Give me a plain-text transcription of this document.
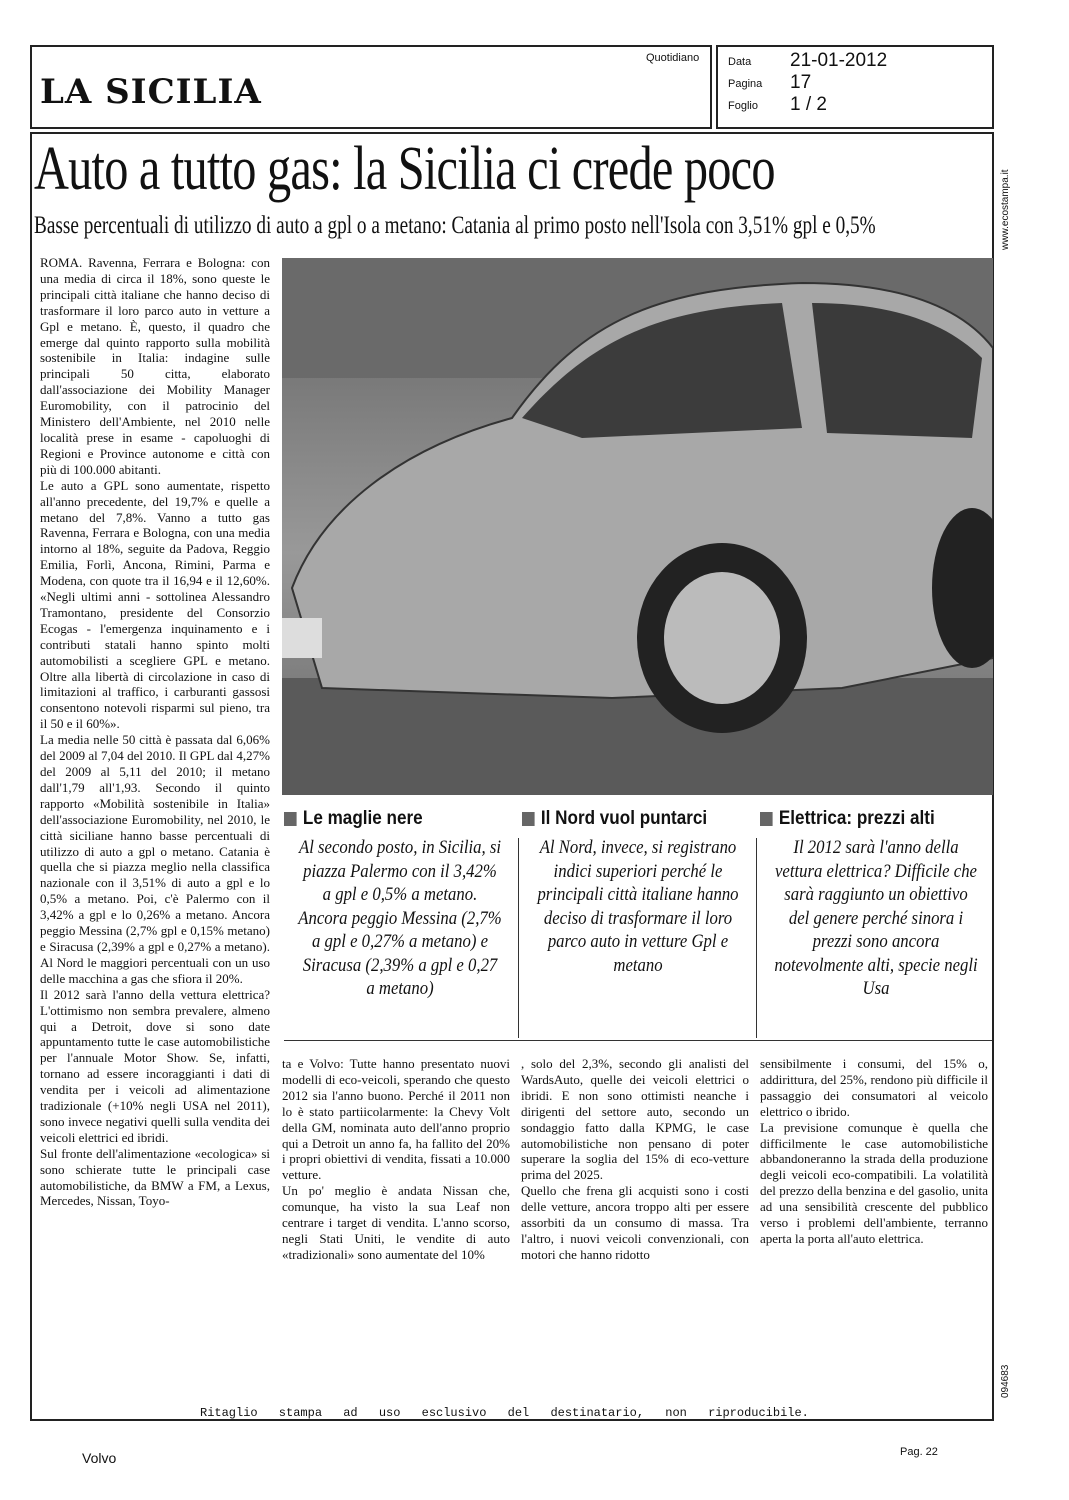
LA SICILIA
Quotidiano	Data 21-01-2012
Pagina 17
Foglio 1 / 2
www.ecostampa.it
094683
Auto a tutto gas: la Sicilia ci crede poco
Basse percentuali di utilizzo di auto a gpl o a metano: Catania al primo posto nell'Isola con 3,51% gpl e 0,5%

ROMA. Ravenna, Ferrara e Bologna: con una media di circa il 18%, sono queste le principali città italiane che hanno deciso di trasformare il loro parco auto in vetture a Gpl e metano. È, questo, il quadro che emerge dal quinto rapporto sulla mobilità sostenibile in Italia: indagine sulle principali 50 citta, elaborato dall'associazione dei Mobility Manager Euromobility, con il patrocinio del Ministero dell'Ambiente, nel 2010 nelle località prese in esame - capoluoghi di Regioni e Province autonome e città con più di 100.000 abitanti.

Le auto a GPL sono aumentate, rispetto all'anno precedente, del 19,7% e quelle a metano del 7,8%. Vanno a tutto gas Ravenna, Ferrara e Bologna, con una media intorno al 18%, seguite da Padova, Reggio Emilia, Forlì, Ancona, Rimini, Parma e Modena, con quote tra il 16,94 e il 12,60%. «Negli ultimi anni - sottolinea Alessandro Tramontano, presidente del Consorzio Ecogas - l'emergenza inquinamento e i contributi statali hanno spinto molti automobilisti a scegliere GPL e metano. Oltre alla libertà di circolazione in caso di limitazioni al traffico, i carburanti gassosi consentono notevoli risparmi sul pieno, tra il 50 e il 60%».

La media nelle 50 città è passata dal 6,06% del 2009 al 7,04 del 2010. Il GPL dal 4,27% del 2009 al 5,11 del 2010; il metano dall'1,79 all'1,93. Secondo il quinto rapporto «Mobilità sostenibile in Italia» dell'associazione Euromobility, nel 2010, le città siciliane hanno basse percentuali di utilizzo di auto a gpl o metano. Catania è quella che si piazza meglio nella classifica nazionale con il 3,51% di auto a gpl e lo 0,5% a metano. Poi, c'è Palermo con il 3,42% a gpl e lo 0,26% a metano. Ancora peggio Messina (2,7% gpl e 0,15% metano) e Siracusa (2,39% a gpl e 0,27% a metano). Al Nord le maggiori percentuali con un uso delle macchina a gas che sfiora il 20%.

Il 2012 sarà l'anno della vettura elettrica? L'ottimismo non sembra prevalere, almeno qui a Detroit, dove si sono date appuntamento tutte le case automobilistiche per l'annuale Motor Show. Se, infatti, tornano ad essere incoraggianti i dati di vendita per i veicoli ad alimentazione tradizionale (+10% negli USA nel 2011), sono invece negativi quelli sulla vendita dei veicoli elettrici ed ibridi.

Sul fronte dell'alimentazione «ecologica» si sono schierate tutte le principali case automobilistiche, da BMW a FM, a Lexus, Mercedes, Nissan, Toyo-

Le maglie nere
Al secondo posto, in Sicilia, si piazza Palermo con il 3,42% a gpl e 0,5% a metano. Ancora peggio Messina (2,7% a gpl e 0,27% a metano) e Siracusa (2,39% a gpl e 0,27 a metano)
Il Nord vuol puntarci
Al Nord, invece, si registrano indici superiori perché le principali città italiane hanno deciso di trasformare il loro parco auto in vetture Gpl e metano
Elettrica: prezzi alti
Il 2012 sarà l'anno della vettura elettrica? Difficile che sarà raggiunto un obiettivo del genere perché sinora i prezzi sono ancora notevolmente alti, specie negli Usa

ta e Volvo: Tutte hanno presentato nuovi modelli di eco-veicoli, sperando che questo 2012 sia l'anno buono. Perché il 2011 non lo è stato partiicolarmente: la Chevy Volt della GM, nominata auto dell'anno proprio qui a Detroit un anno fa, ha fallito del 20% i propri obiettivi di vendita, fissati a 10.000 vetture.

Un po' meglio è andata Nissan che, comunque, ha visto la sua Leaf non centrare i target di vendita. L'anno scorso, negli Stati Uniti, le vendite di auto «tradizionali» sono aumentate del 10%

, solo del 2,3%, secondo gli analisti del WardsAuto, quelle dei veicoli elettrici o ibridi. E non sono ottimisti neanche i dirigenti del settore auto, secondo un sondaggio fatto dalla KPMG, le case automobilistiche non pensano di poter superare la soglia del 15% di eco-vetture prima del 2025.

Quello che frena gli acquisti sono i costi delle vetture, ancora troppo alti per essere assorbiti da un consumo di massa. Tra l'altro, i nuovi veicoli convenzionali, con motori che hanno ridotto

sensibilmente i consumi, del 15% o, addirittura, del 25%, rendono più difficile il passaggio dei consumatori al veicolo elettrico o ibrido.

La previsione comunque è quella che difficilmente le case automobilistiche abbandoneranno la strada della produzione degli veicoli eco-compatibili. La volatilità del prezzo della benzina e del gasolio, unita ad una sensibilità crescente del pubblico verso i problemi dell'ambiente, terranno aperta la porta all'auto elettrica.

Ritaglio stampa ad uso esclusivo del destinatario, non riproducibile.
Volvo	Pag. 22
